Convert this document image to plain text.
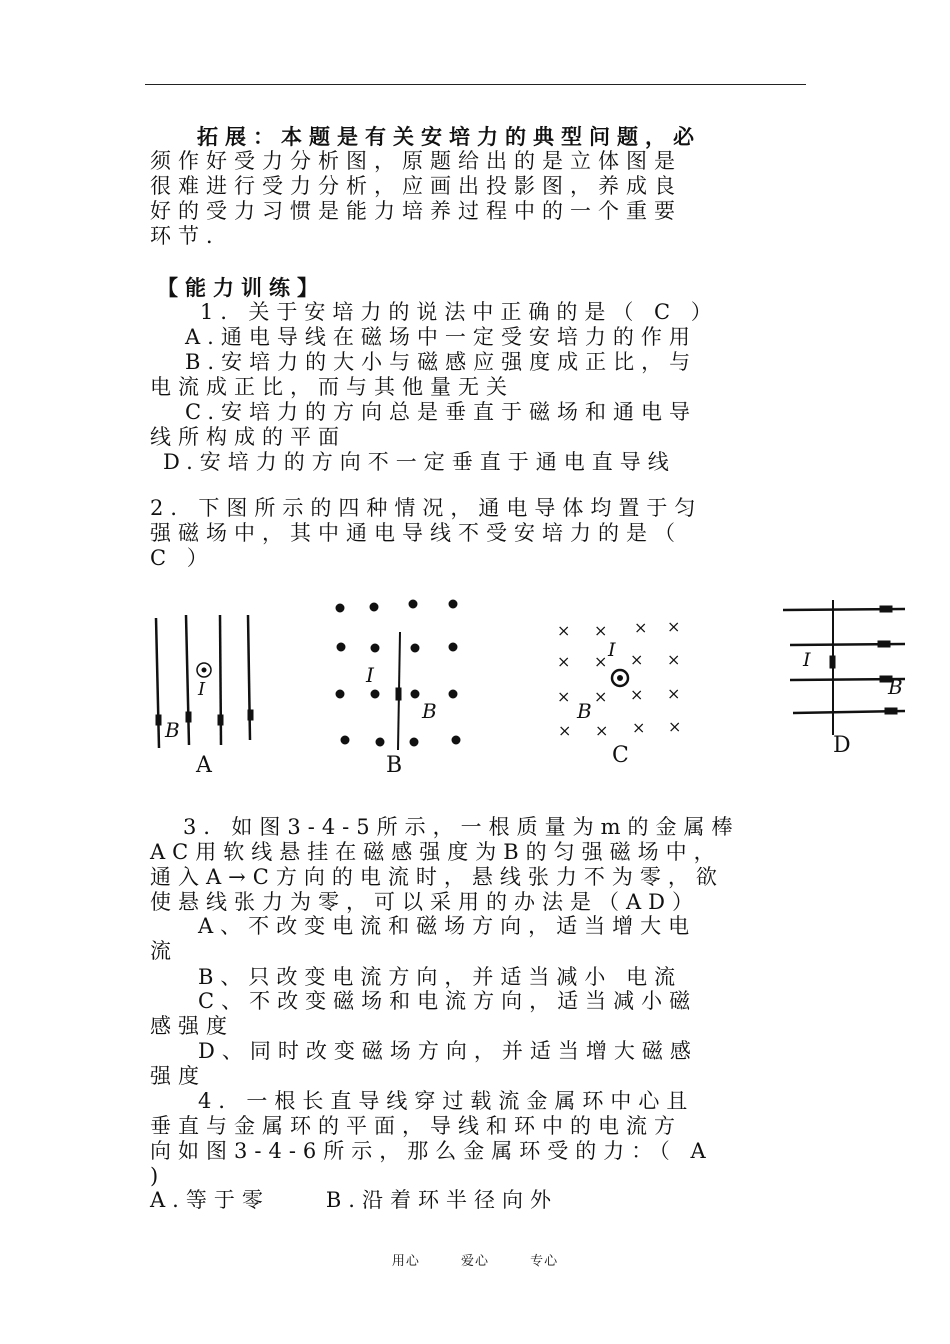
拓展：本题是有关安培力的典型问题，必
须作好受力分析图，原题给出的是立体图是
很难进行受力分析，应画出投影图，养成良
好的受力习惯是能力培养过程中的一个重要
环节．
【能力训练】
1．关于安培力的说法中正确的是（ C ）
A.通电导线在磁场中一定受安培力的作用
B.安培力的大小与磁感应强度成正比，与
电流成正比，而与其他量无关
C.安培力的方向总是垂直于磁场和通电导
线所构成的平面
D.安培力的方向不一定垂直于通电直导线
2．下图所示的四种情况，通电导体均置于匀
强磁场中，其中通电导线不受安培力的是（
C ）
I
B
A
I
B
B
× × × ×
× × × ×
× × × ×
× × × ×
I
B
C
I
B
D
3．如图3-4-5所示，一根质量为m的金属棒
AC用软线悬挂在磁感强度为B的匀强磁场中，
通入A→C方向的电流时，悬线张力不为零，欲
使悬线张力为零，可以采用的办法是（AD）
A、不改变电流和磁场方向，适当增大电
流
B、只改变电流方向，并适当减小 电流
C、不改变磁场和电流方向，适当减小磁
感强度
D、同时改变磁场方向，并适当增大磁感
强度
4．一根长直导线穿过载流金属环中心且
垂直与金属环的平面，导线和环中的电流方
向如图3-4-6所示，那么金属环受的力：（ A
)
A.等于零　　B.沿着环半径向外
用心	爱心	专心
